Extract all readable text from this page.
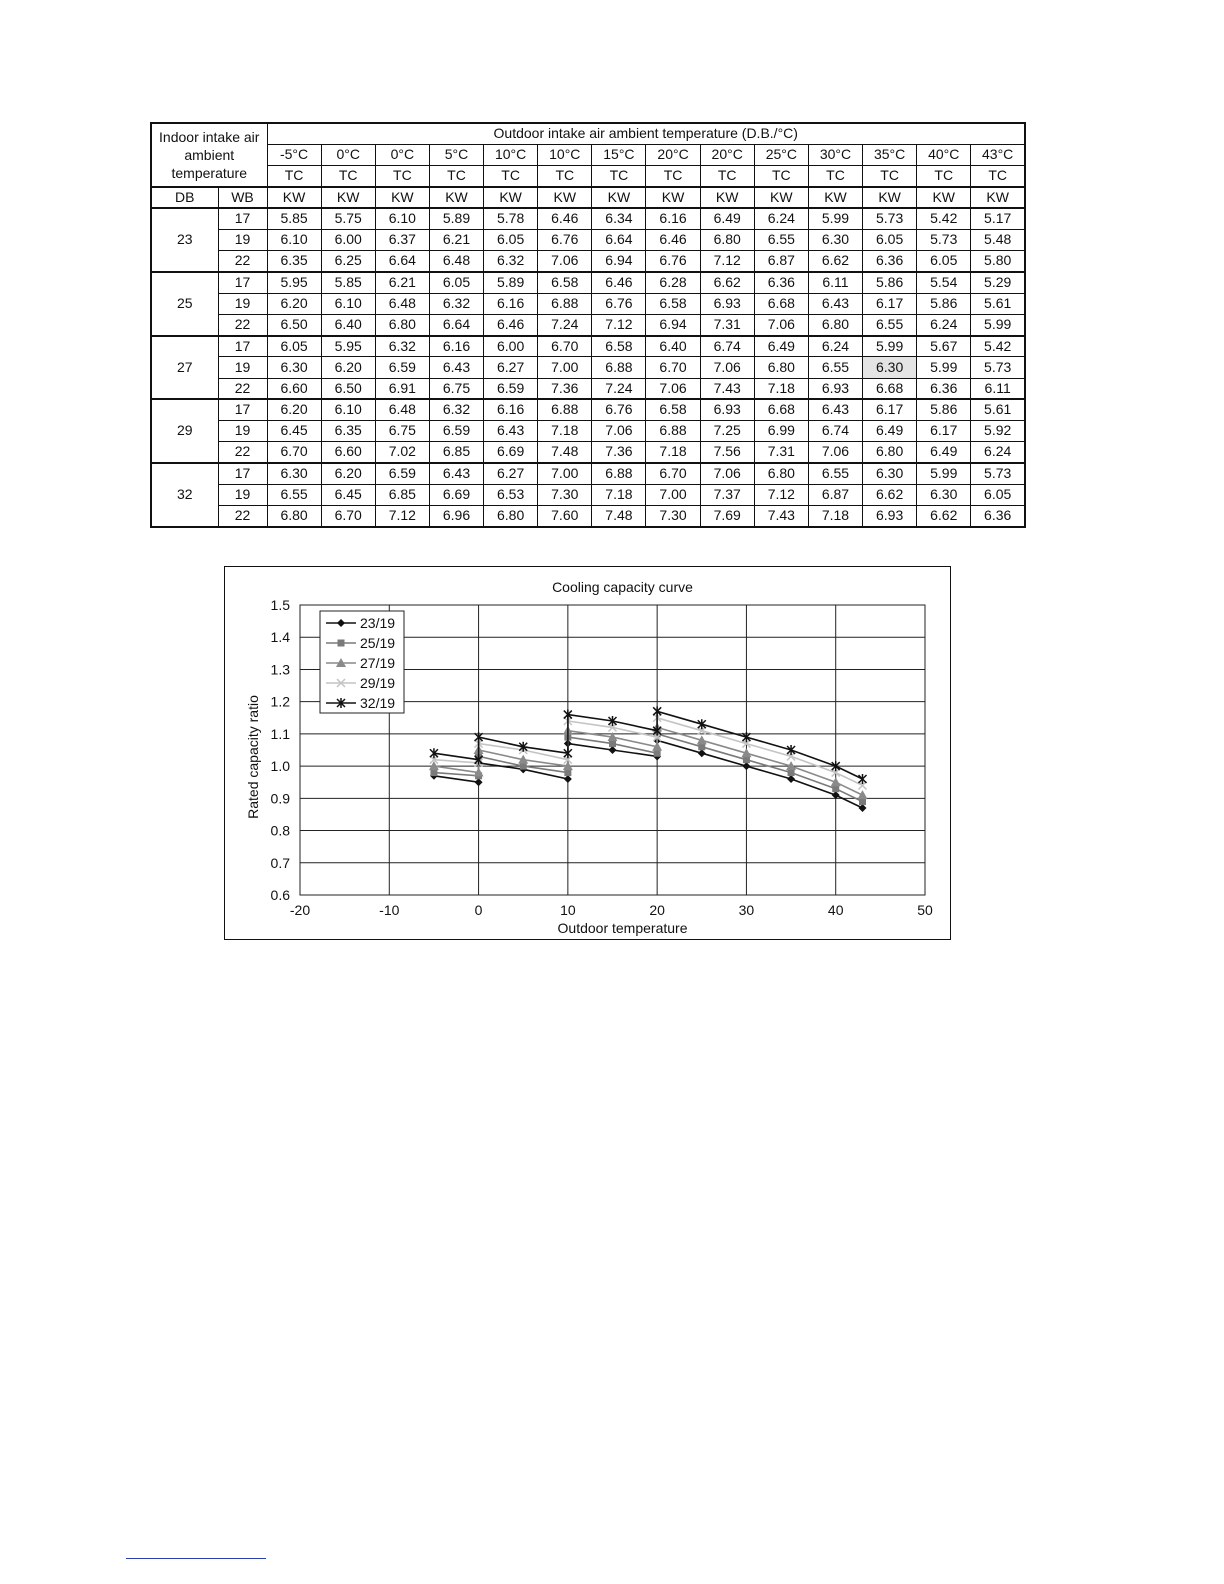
Indoor intake air ambient temperature		Outdoor intake air ambient temperature (D.B./°C)													
		-5°C	0°C	0°C	5°C	10°C	10°C	15°C	20°C	20°C	25°C	30°C	35°C	40°C	43°C
		TC	TC	TC	TC	TC	TC	TC	TC	TC	TC	TC	TC	TC	TC
DB	WB	KW	KW	KW	KW	KW	KW	KW	KW	KW	KW	KW	KW	KW	KW
23	17	5.85	5.75	6.10	5.89	5.78	6.46	6.34	6.16	6.49	6.24	5.99	5.73	5.42	5.17
	19	6.10	6.00	6.37	6.21	6.05	6.76	6.64	6.46	6.80	6.55	6.30	6.05	5.73	5.48
	22	6.35	6.25	6.64	6.48	6.32	7.06	6.94	6.76	7.12	6.87	6.62	6.36	6.05	5.80
25	17	5.95	5.85	6.21	6.05	5.89	6.58	6.46	6.28	6.62	6.36	6.11	5.86	5.54	5.29
	19	6.20	6.10	6.48	6.32	6.16	6.88	6.76	6.58	6.93	6.68	6.43	6.17	5.86	5.61
	22	6.50	6.40	6.80	6.64	6.46	7.24	7.12	6.94	7.31	7.06	6.80	6.55	6.24	5.99
27	17	6.05	5.95	6.32	6.16	6.00	6.70	6.58	6.40	6.74	6.49	6.24	5.99	5.67	5.42
	19	6.30	6.20	6.59	6.43	6.27	7.00	6.88	6.70	7.06	6.80	6.55	6.30	5.99	5.73
	22	6.60	6.50	6.91	6.75	6.59	7.36	7.24	7.06	7.43	7.18	6.93	6.68	6.36	6.11
29	17	6.20	6.10	6.48	6.32	6.16	6.88	6.76	6.58	6.93	6.68	6.43	6.17	5.86	5.61
	19	6.45	6.35	6.75	6.59	6.43	7.18	7.06	6.88	7.25	6.99	6.74	6.49	6.17	5.92
	22	6.70	6.60	7.02	6.85	6.69	7.48	7.36	7.18	7.56	7.31	7.06	6.80	6.49	6.24
32	17	6.30	6.20	6.59	6.43	6.27	7.00	6.88	6.70	7.06	6.80	6.55	6.30	5.99	5.73
	19	6.55	6.45	6.85	6.69	6.53	7.30	7.18	7.00	7.37	7.12	6.87	6.62	6.30	6.05
	22	6.80	6.70	7.12	6.96	6.80	7.60	7.48	7.30	7.69	7.43	7.18	6.93	6.62	6.36
0.6
0.7
0.8
0.9
1.0
1.1
1.2
1.3
1.4
1.5
-20	-10	0	10	20	30	40	50
Cooling capacity curve
Outdoor temperature
Rated capacity ratio
23/19
25/19
27/19
29/19
32/19
